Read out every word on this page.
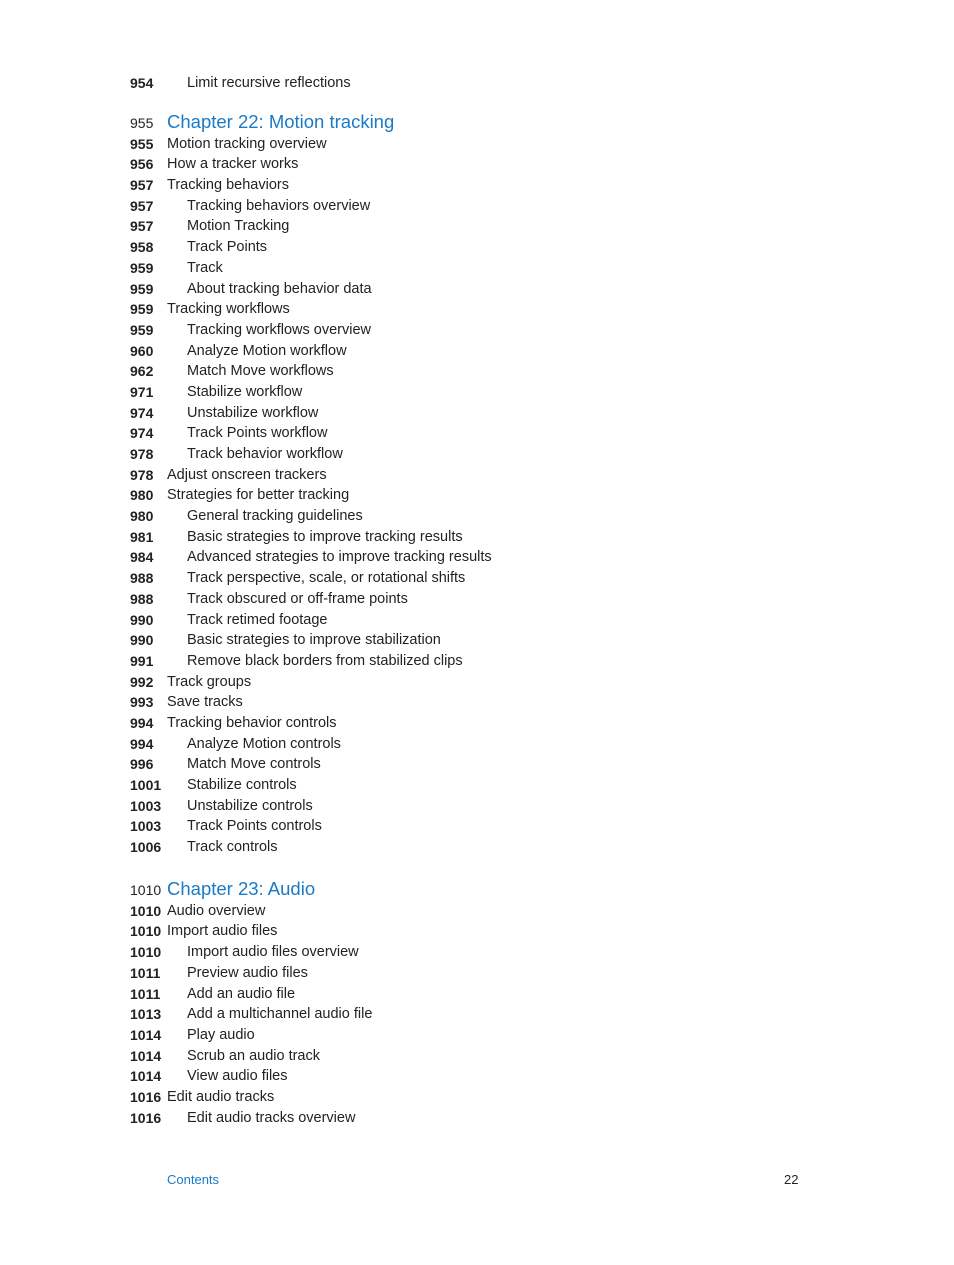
954 Limit recursive reflections
955 Chapter 22: Motion tracking
955 Motion tracking overview
956 How a tracker works
957 Tracking behaviors
957 Tracking behaviors overview
957 Motion Tracking
958 Track Points
959 Track
959 About tracking behavior data
959 Tracking workflows
959 Tracking workflows overview
960 Analyze Motion workflow
962 Match Move workflows
971 Stabilize workflow
974 Unstabilize workflow
974 Track Points workflow
978 Track behavior workflow
978 Adjust onscreen trackers
980 Strategies for better tracking
980 General tracking guidelines
981 Basic strategies to improve tracking results
984 Advanced strategies to improve tracking results
988 Track perspective, scale, or rotational shifts
988 Track obscured or off-frame points
990 Track retimed footage
990 Basic strategies to improve stabilization
991 Remove black borders from stabilized clips
992 Track groups
993 Save tracks
994 Tracking behavior controls
994 Analyze Motion controls
996 Match Move controls
1001 Stabilize controls
1003 Unstabilize controls
1003 Track Points controls
1006 Track controls
1010 Chapter 23: Audio
1010 Audio overview
1010 Import audio files
1010 Import audio files overview
1011 Preview audio files
1011 Add an audio file
1013 Add a multichannel audio file
1014 Play audio
1014 Scrub an audio track
1014 View audio files
1016 Edit audio tracks
1016 Edit audio tracks overview
Contents	22
